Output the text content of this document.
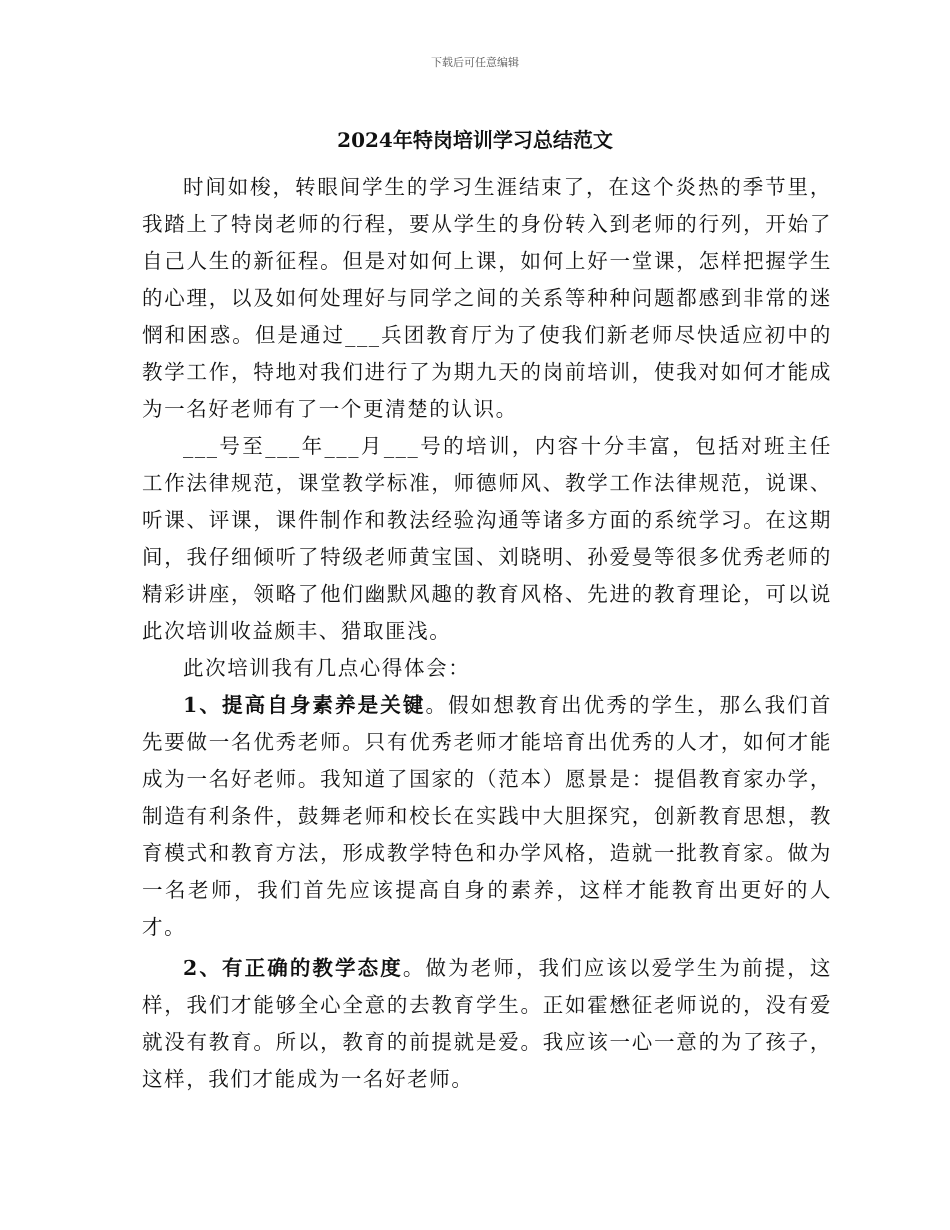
下载后可任意编辑
2024年特岗培训学习总结范文

时间如梭，转眼间学生的学习生涯结束了，在这个炎热的季节里，我踏上了特岗老师的行程，要从学生的身份转入到老师的行列，开始了自己人生的新征程。但是对如何上课，如何上好一堂课，怎样把握学生的心理，以及如何处理好与同学之间的关系等种种问题都感到非常的迷惘和困惑。但是通过___兵团教育厅为了使我们新老师尽快适应初中的教学工作，特地对我们进行了为期九天的岗前培训，使我对如何才能成为一名好老师有了一个更清楚的认识。

___号至___年___月___号的培训，内容十分丰富，包括对班主任工作法律规范，课堂教学标准，师德师风、教学工作法律规范，说课、听课、评课，课件制作和教法经验沟通等诸多方面的系统学习。在这期间，我仔细倾听了特级老师黄宝国、刘晓明、孙爱曼等很多优秀老师的精彩讲座，领略了他们幽默风趣的教育风格、先进的教育理论，可以说此次培训收益颇丰、猎取匪浅。

此次培训我有几点心得体会：

1、提高自身素养是关键。假如想教育出优秀的学生，那么我们首先要做一名优秀老师。只有优秀老师才能培育出优秀的人才，如何才能成为一名好老师。我知道了国家的（范本）愿景是：提倡教育家办学，制造有利条件，鼓舞老师和校长在实践中大胆探究，创新教育思想，教育模式和教育方法，形成教学特色和办学风格，造就一批教育家。做为一名老师，我们首先应该提高自身的素养，这样才能教育出更好的人才。

2、有正确的教学态度。做为老师，我们应该以爱学生为前提，这样，我们才能够全心全意的去教育学生。正如霍懋征老师说的，没有爱就没有教育。所以，教育的前提就是爱。我应该一心一意的为了孩子，这样，我们才能成为一名好老师。
